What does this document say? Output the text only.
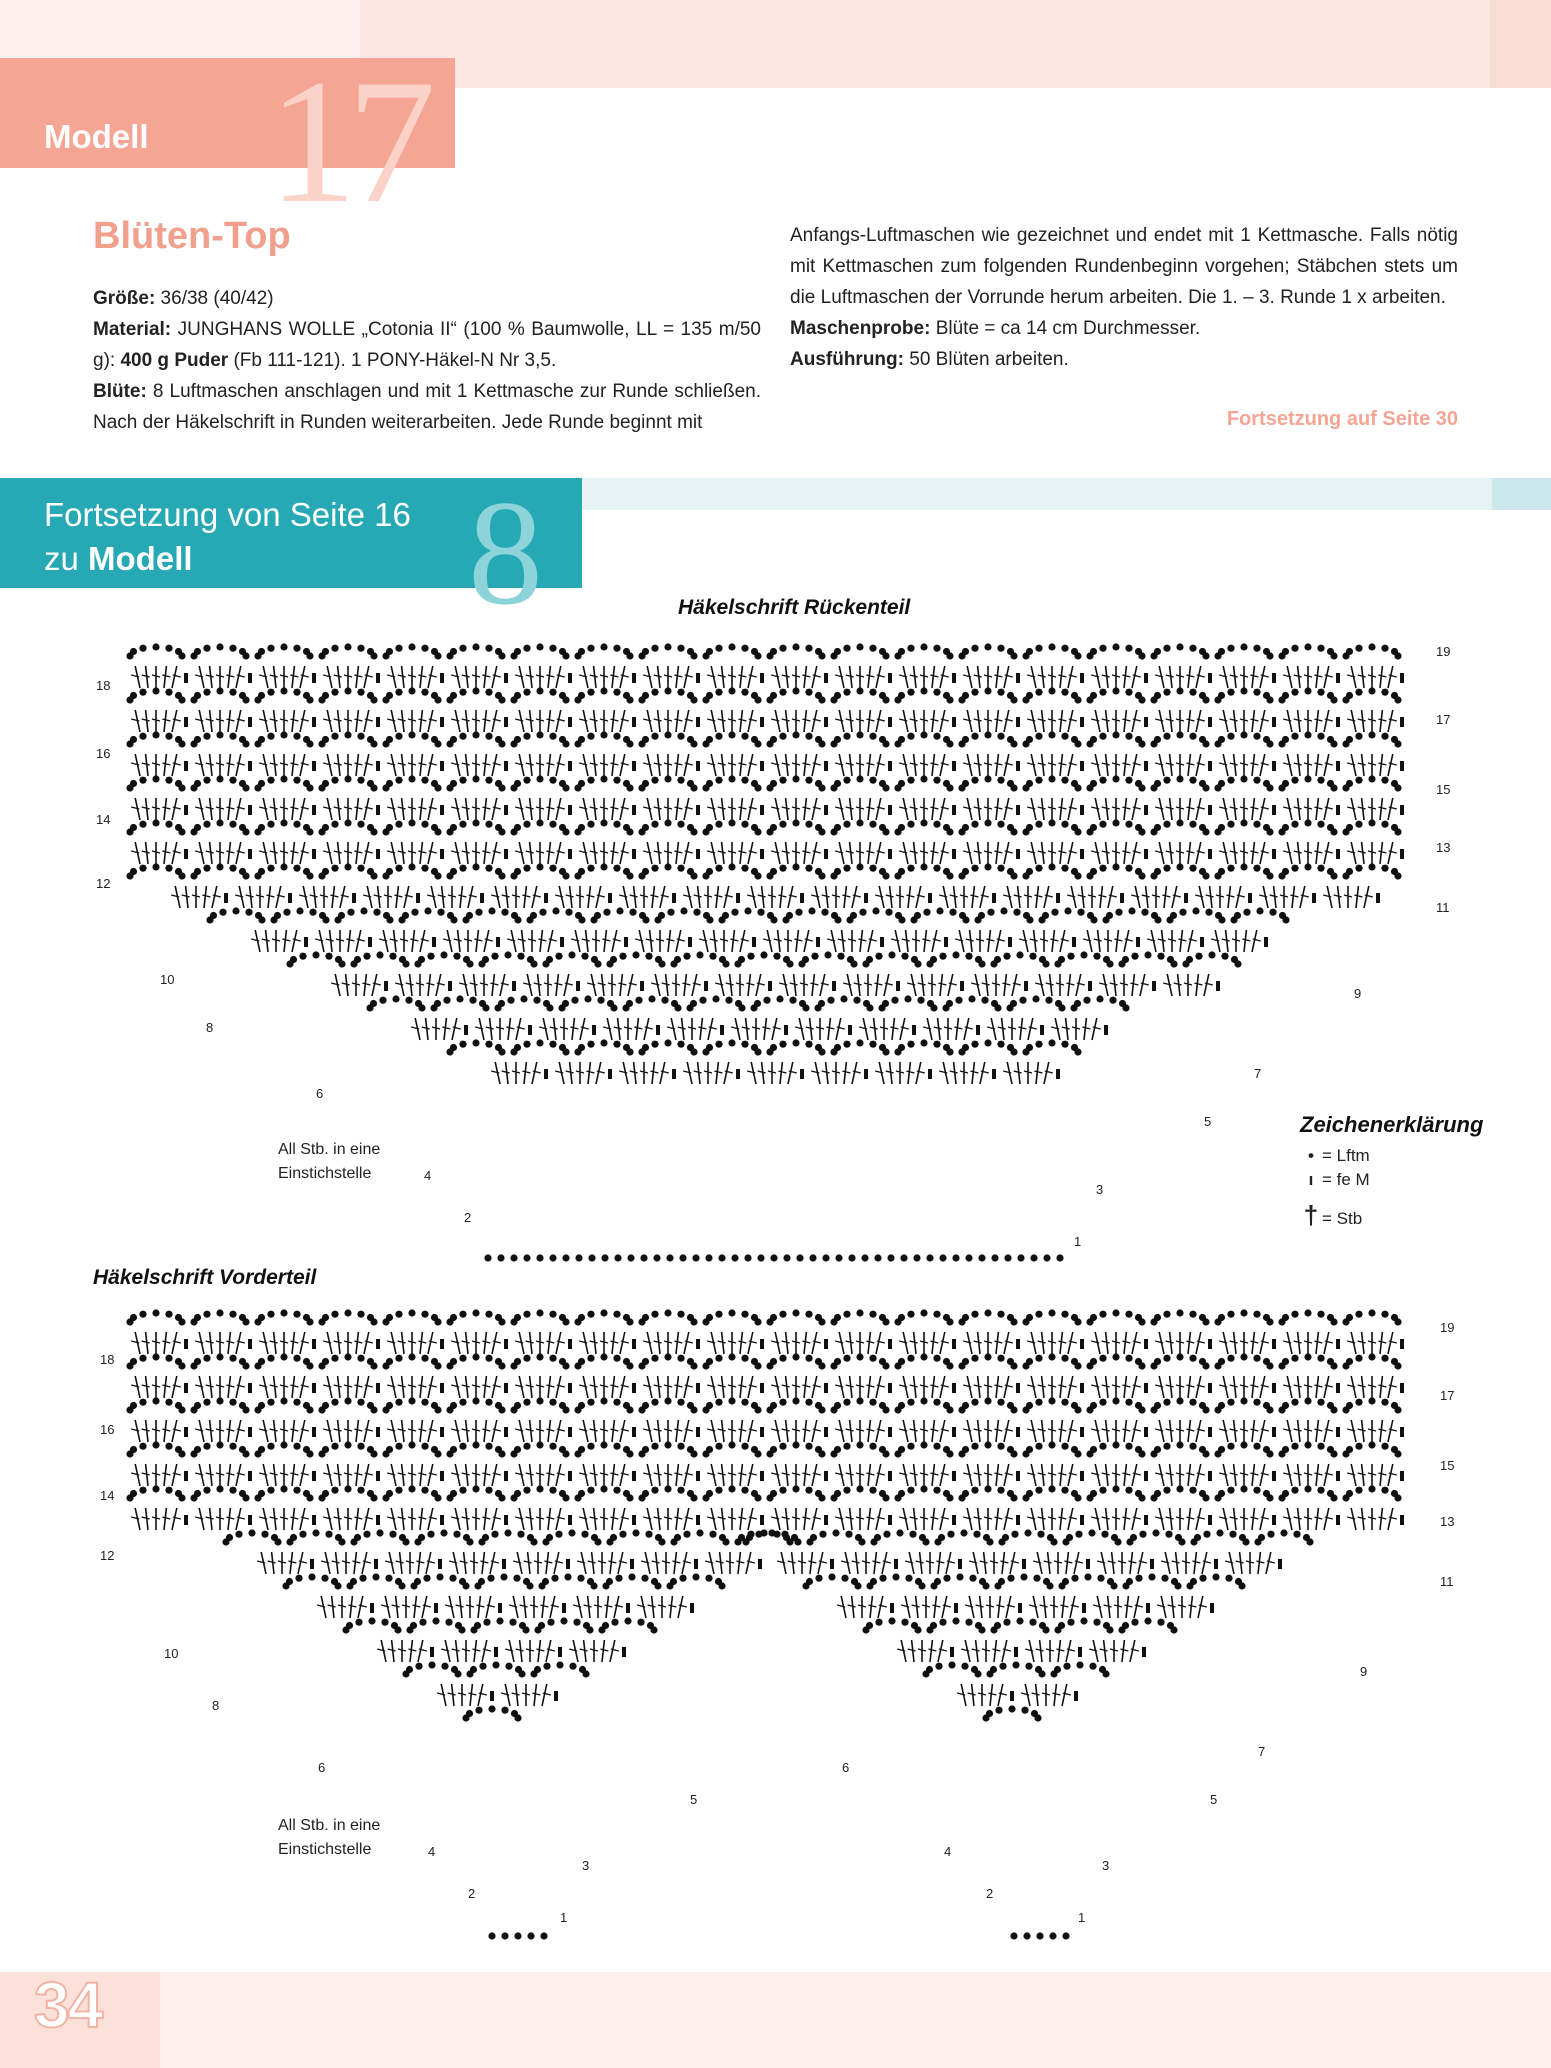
17
Modell
Blüten-Top
Größe: 36/38 (40/42)
Material: JUNGHANS WOLLE „Cotonia II“ (100 % Baumwolle, LL = 135 m/50 g): 400 g Puder (Fb 111-121). 1 PONY-Häkel-N Nr 3,5.
Blüte: 8 Luftmaschen anschlagen und mit 1 Kettmasche zur Runde schließen. Nach der Häkelschrift in Runden weiterarbeiten. Jede Runde beginnt mit
Anfangs-Luftmaschen wie gezeichnet und endet mit 1 Kettmasche. Falls nötig mit Kettmaschen zum folgenden Rundenbeginn vorgehen; Stäbchen stets um die Luftmaschen der Vorrunde herum arbeiten. Die 1. – 3. Runde 1 x arbeiten.
Maschenprobe: Blüte = ca 14 cm Durchmesser.
Ausführung: 50 Blüten arbeiten.
Fortsetzung auf Seite 30
8
Fortsetzung von Seite 16
zu Modell
Häkelschrift Rückenteil
18
16
14
12
10
8
6
4
2
19
17
15
13
11
9
7
5
3
1
All Stb. in eine
Einstichstelle
Zeichenerklärung
• = Lftm
ı = fe M
† = Stb
Häkelschrift Vorderteil
18
16
14
12
10
8
6
4
2
19
17
15
13
11
9
7
5
3
1
6
4
2
5
3
1
All Stb. in eine
Einstichstelle
34
